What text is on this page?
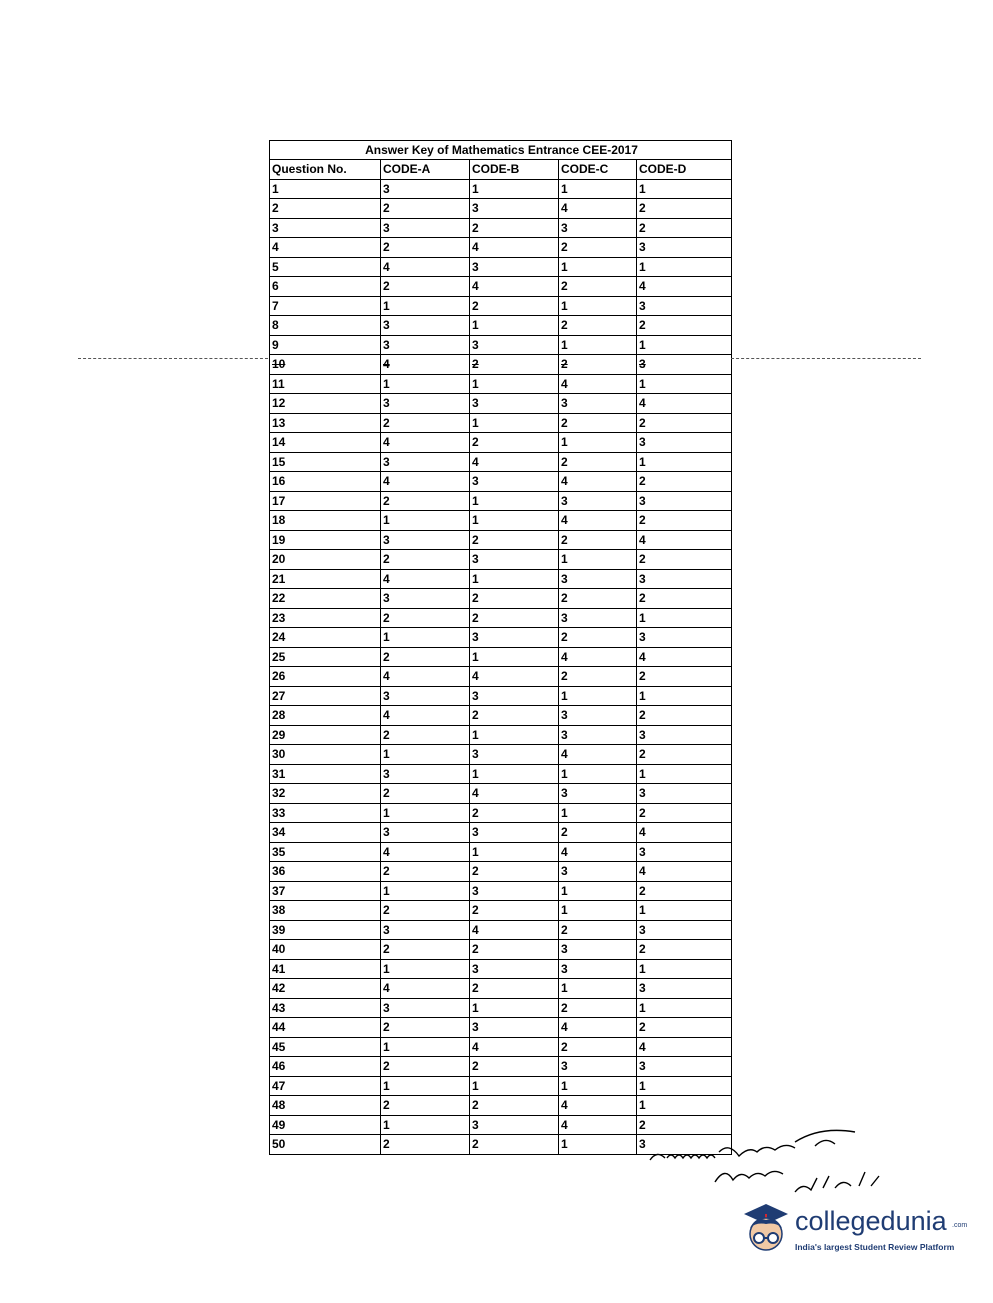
Answer Key of Mathematics Entrance CEE-2017				
Question No.	CODE-A	CODE-B	CODE-C	CODE-D
1	3	1	1	1
2	2	3	4	2
3	3	2	3	2
4	2	4	2	3
5	4	3	1	1
6	2	4	2	4
7	1	2	1	3
8	3	1	2	2
9	3	3	1	1
10	4	2	2	3
11	1	1	4	1
12	3	3	3	4
13	2	1	2	2
14	4	2	1	3
15	3	4	2	1
16	4	3	4	2
17	2	1	3	3
18	1	1	4	2
19	3	2	2	4
20	2	3	1	2
21	4	1	3	3
22	3	2	2	2
23	2	2	3	1
24	1	3	2	3
25	2	1	4	4
26	4	4	2	2
27	3	3	1	1
28	4	2	3	2
29	2	1	3	3
30	1	3	4	2
31	3	1	1	1
32	2	4	3	3
33	1	2	1	2
34	3	3	2	4
35	4	1	4	3
36	2	2	3	4
37	1	3	1	2
38	2	2	1	1
39	3	4	2	3
40	2	2	3	2
41	1	3	3	1
42	4	2	1	3
43	3	1	2	1
44	2	3	4	2
45	1	4	2	4
46	2	2	3	3
47	1	1	1	1
48	2	2	4	1
49	1	3	4	2
50	2	2	1	3
collegedunia .com
India's largest Student Review Platform
